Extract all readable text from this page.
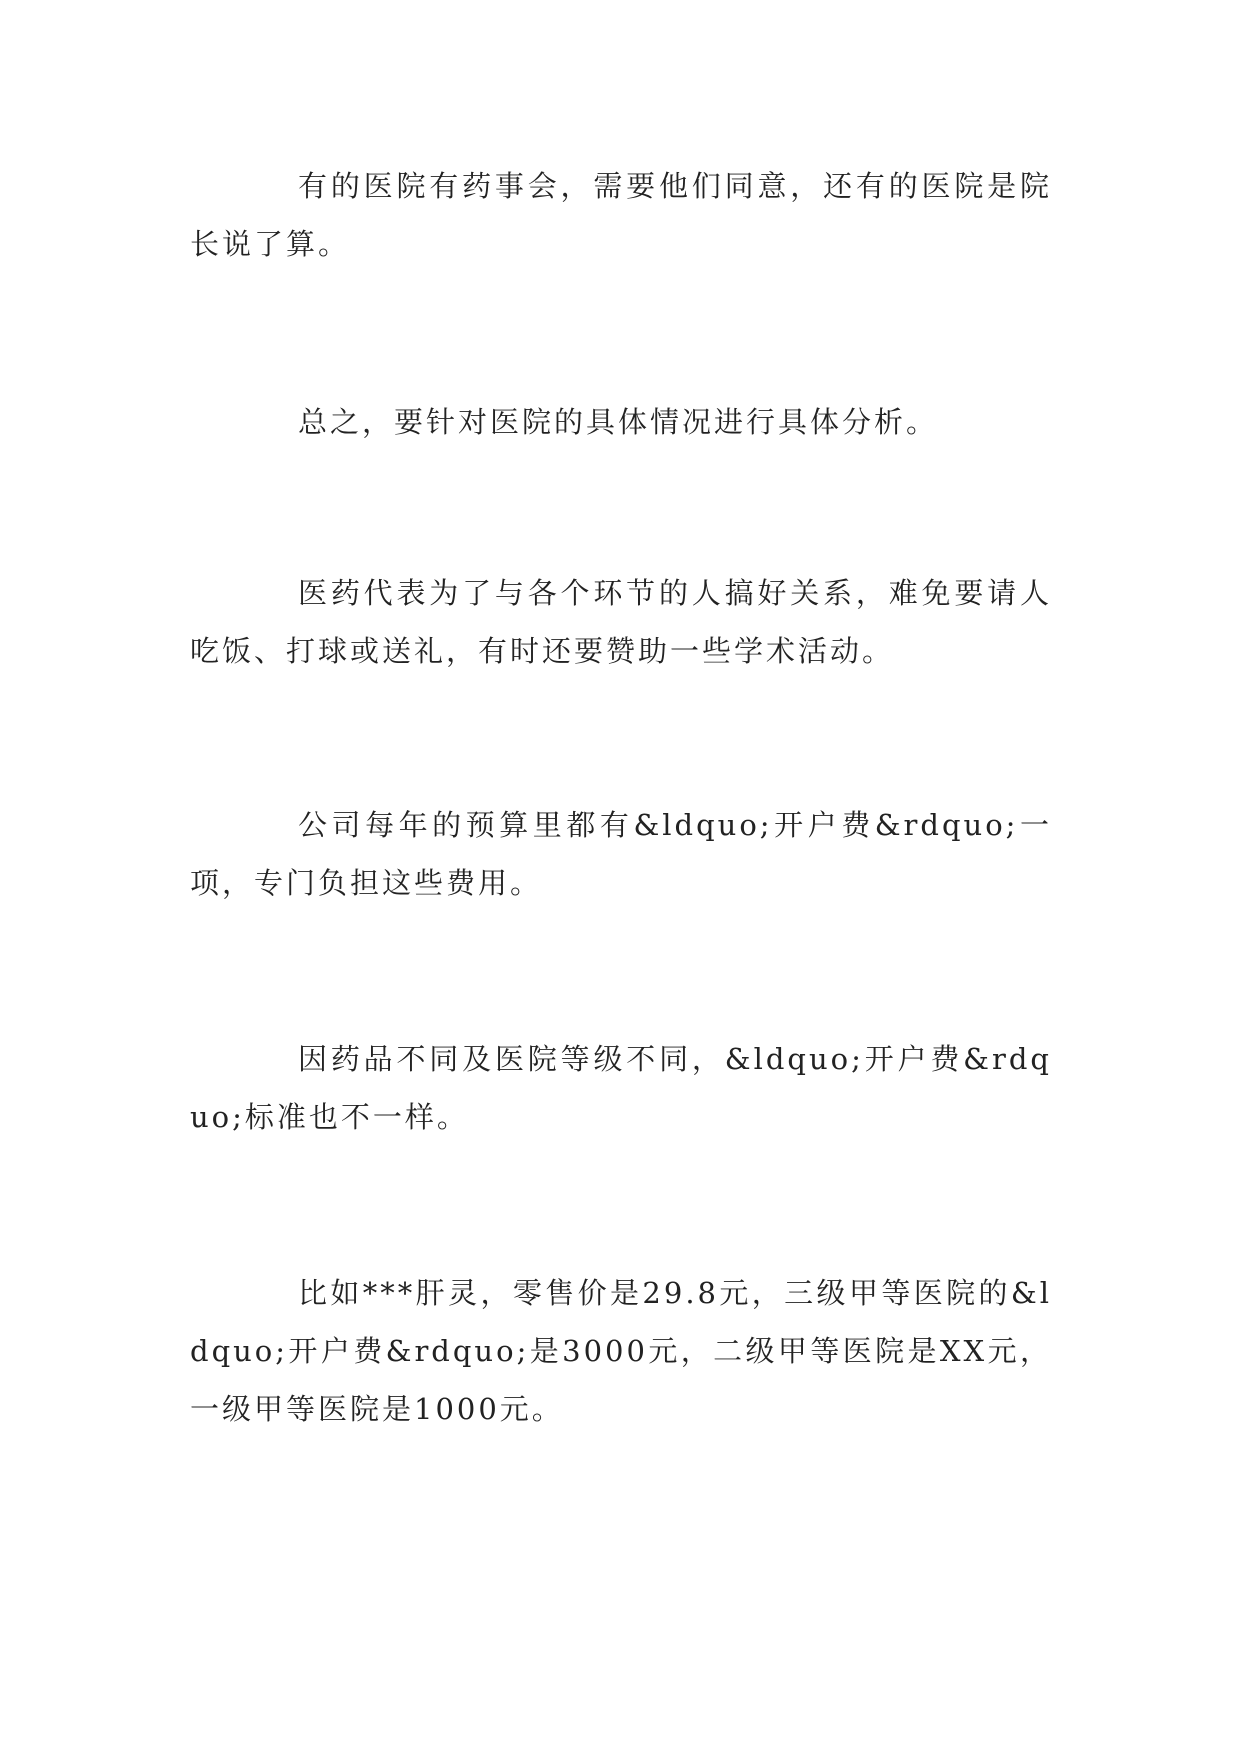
有的医院有药事会，需要他们同意，还有的医院是院长说了算。

总之，要针对医院的具体情况进行具体分析。

医药代表为了与各个环节的人搞好关系，难免要请人吃饭、打球或送礼，有时还要赞助一些学术活动。

公司每年的预算里都有&ldquo;开户费&rdquo;一项，专门负担这些费用。

因药品不同及医院等级不同，&ldquo;开户费&rdquo;标准也不一样。

比如***肝灵，零售价是29.8元，三级甲等医院的&ldquo;开户费&rdquo;是3000元，二级甲等医院是XX元，一级甲等医院是1000元。
